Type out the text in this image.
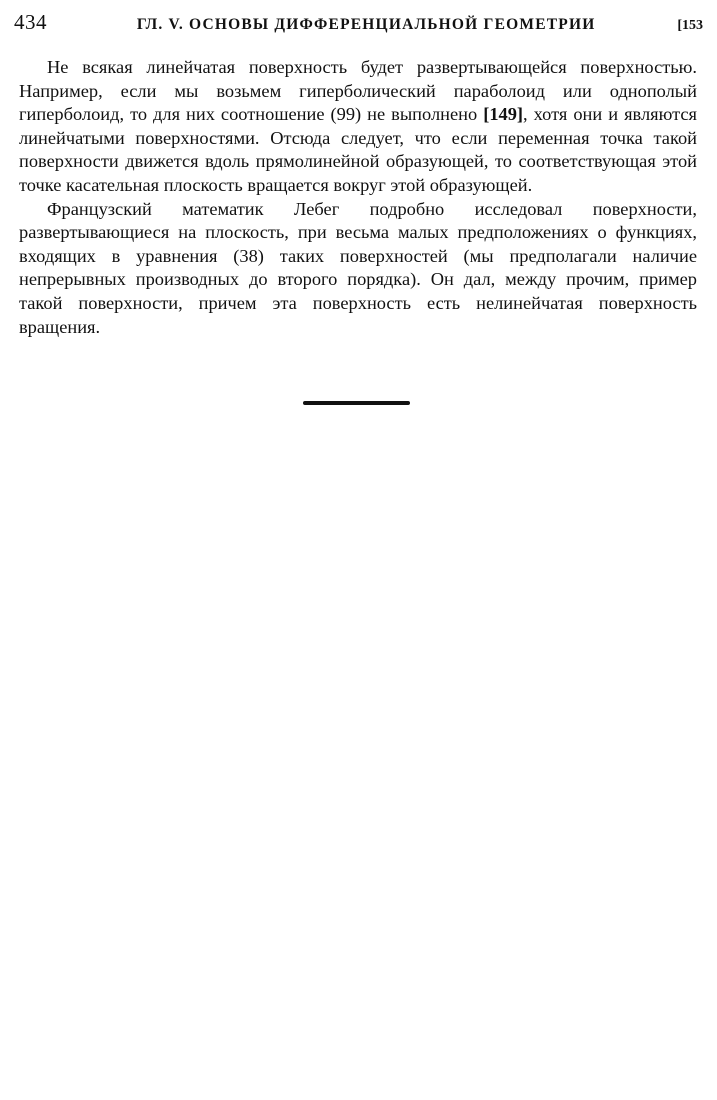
434	ГЛ. V. ОСНОВЫ ДИФФЕРЕНЦИАЛЬНОЙ ГЕОМЕТРИИ	[153

Не всякая линейчатая поверхность будет развертывающейся поверхностью. Например, если мы возьмем гиперболический параболоид или однополый гиперболоид, то для них соотношение (99) не выполнено [149], хотя они и являются линейчатыми поверхностями. Отсюда следует, что если переменная точка такой поверхности движется вдоль прямолинейной образующей, то соответствующая этой точке касательная плоскость вращается вокруг этой образующей.

Французский математик Лебег подробно исследовал поверхности, развертывающиеся на плоскость, при весьма малых предположениях о функциях, входящих в уравнения (38) таких поверхностей (мы предполагали наличие непрерывных производных до второго порядка). Он дал, между прочим, пример такой поверхности, причем эта поверхность есть нелинейчатая поверхность вращения.
